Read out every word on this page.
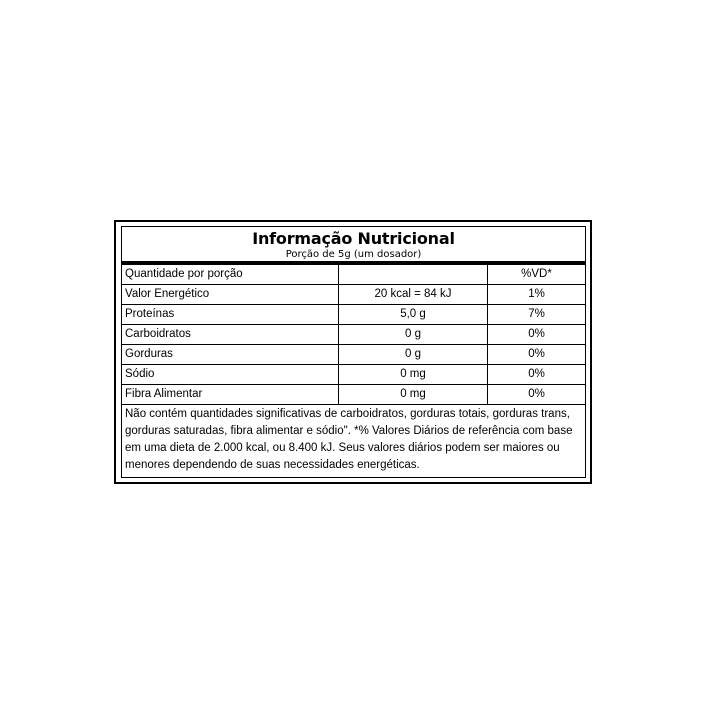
Informação Nutricional
Porção de 5g (um dosador)
Quantidade por porção		%VD*
Valor Energético	20 kcal = 84 kJ	1%
Proteínas	5,0 g	7%
Carboidratos	0 g	0%
Gorduras	0 g	0%
Sódio	0 mg	0%
Fibra Alimentar	0 mg	0%
Não contém quantidades significativas de carboidratos, gorduras totais, gorduras trans, gorduras saturadas, fibra alimentar e sódio". *% Valores Diários de referência com base em uma dieta de 2.000 kcal, ou 8.400 kJ. Seus valores diários podem ser maiores ou menores dependendo de suas necessidades energéticas.
